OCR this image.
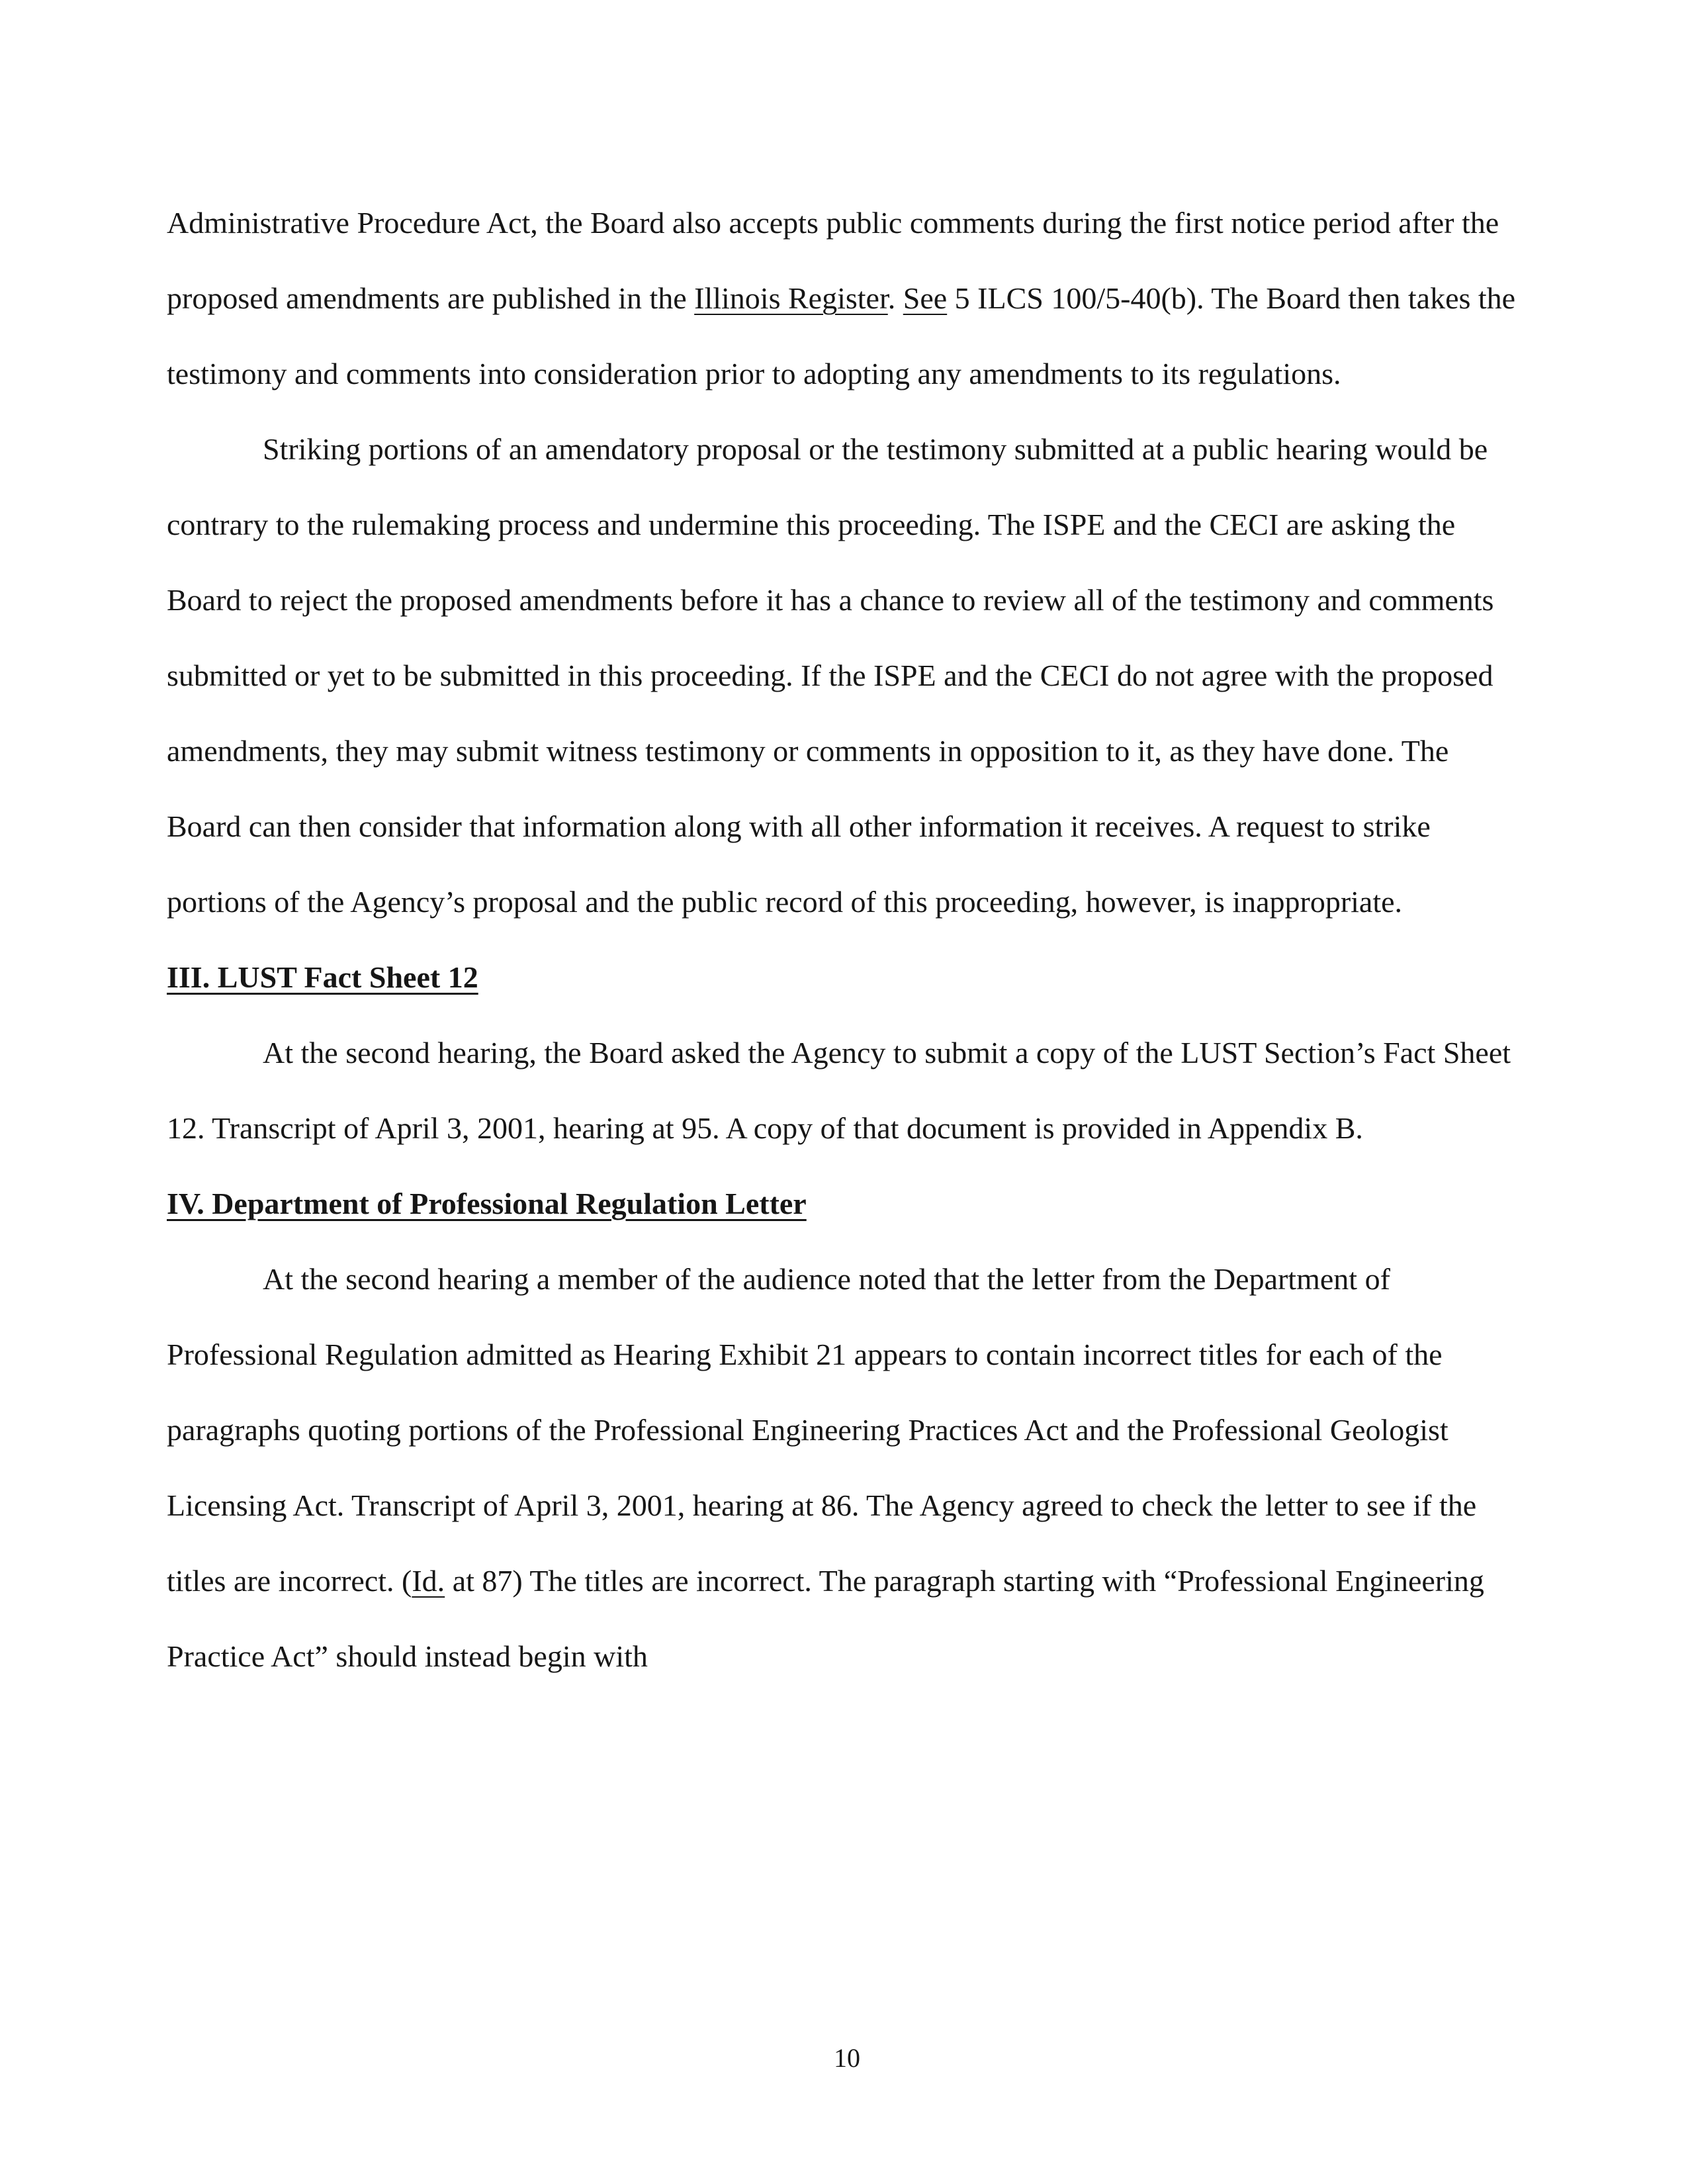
Administrative Procedure Act, the Board also accepts public comments during the first notice period after the proposed amendments are published in the Illinois Register. See 5 ILCS 100/5-40(b). The Board then takes the testimony and comments into consideration prior to adopting any amendments to its regulations.

Striking portions of an amendatory proposal or the testimony submitted at a public hearing would be contrary to the rulemaking process and undermine this proceeding. The ISPE and the CECI are asking the Board to reject the proposed amendments before it has a chance to review all of the testimony and comments submitted or yet to be submitted in this proceeding. If the ISPE and the CECI do not agree with the proposed amendments, they may submit witness testimony or comments in opposition to it, as they have done. The Board can then consider that information along with all other information it receives. A request to strike portions of the Agency’s proposal and the public record of this proceeding, however, is inappropriate.

III. LUST Fact Sheet 12

At the second hearing, the Board asked the Agency to submit a copy of the LUST Section’s Fact Sheet 12. Transcript of April 3, 2001, hearing at 95. A copy of that document is provided in Appendix B.

IV. Department of Professional Regulation Letter

At the second hearing a member of the audience noted that the letter from the Department of Professional Regulation admitted as Hearing Exhibit 21 appears to contain incorrect titles for each of the paragraphs quoting portions of the Professional Engineering Practices Act and the Professional Geologist Licensing Act. Transcript of April 3, 2001, hearing at 86. The Agency agreed to check the letter to see if the titles are incorrect. (Id. at 87) The titles are incorrect. The paragraph starting with “Professional Engineering Practice Act” should instead begin with

10
